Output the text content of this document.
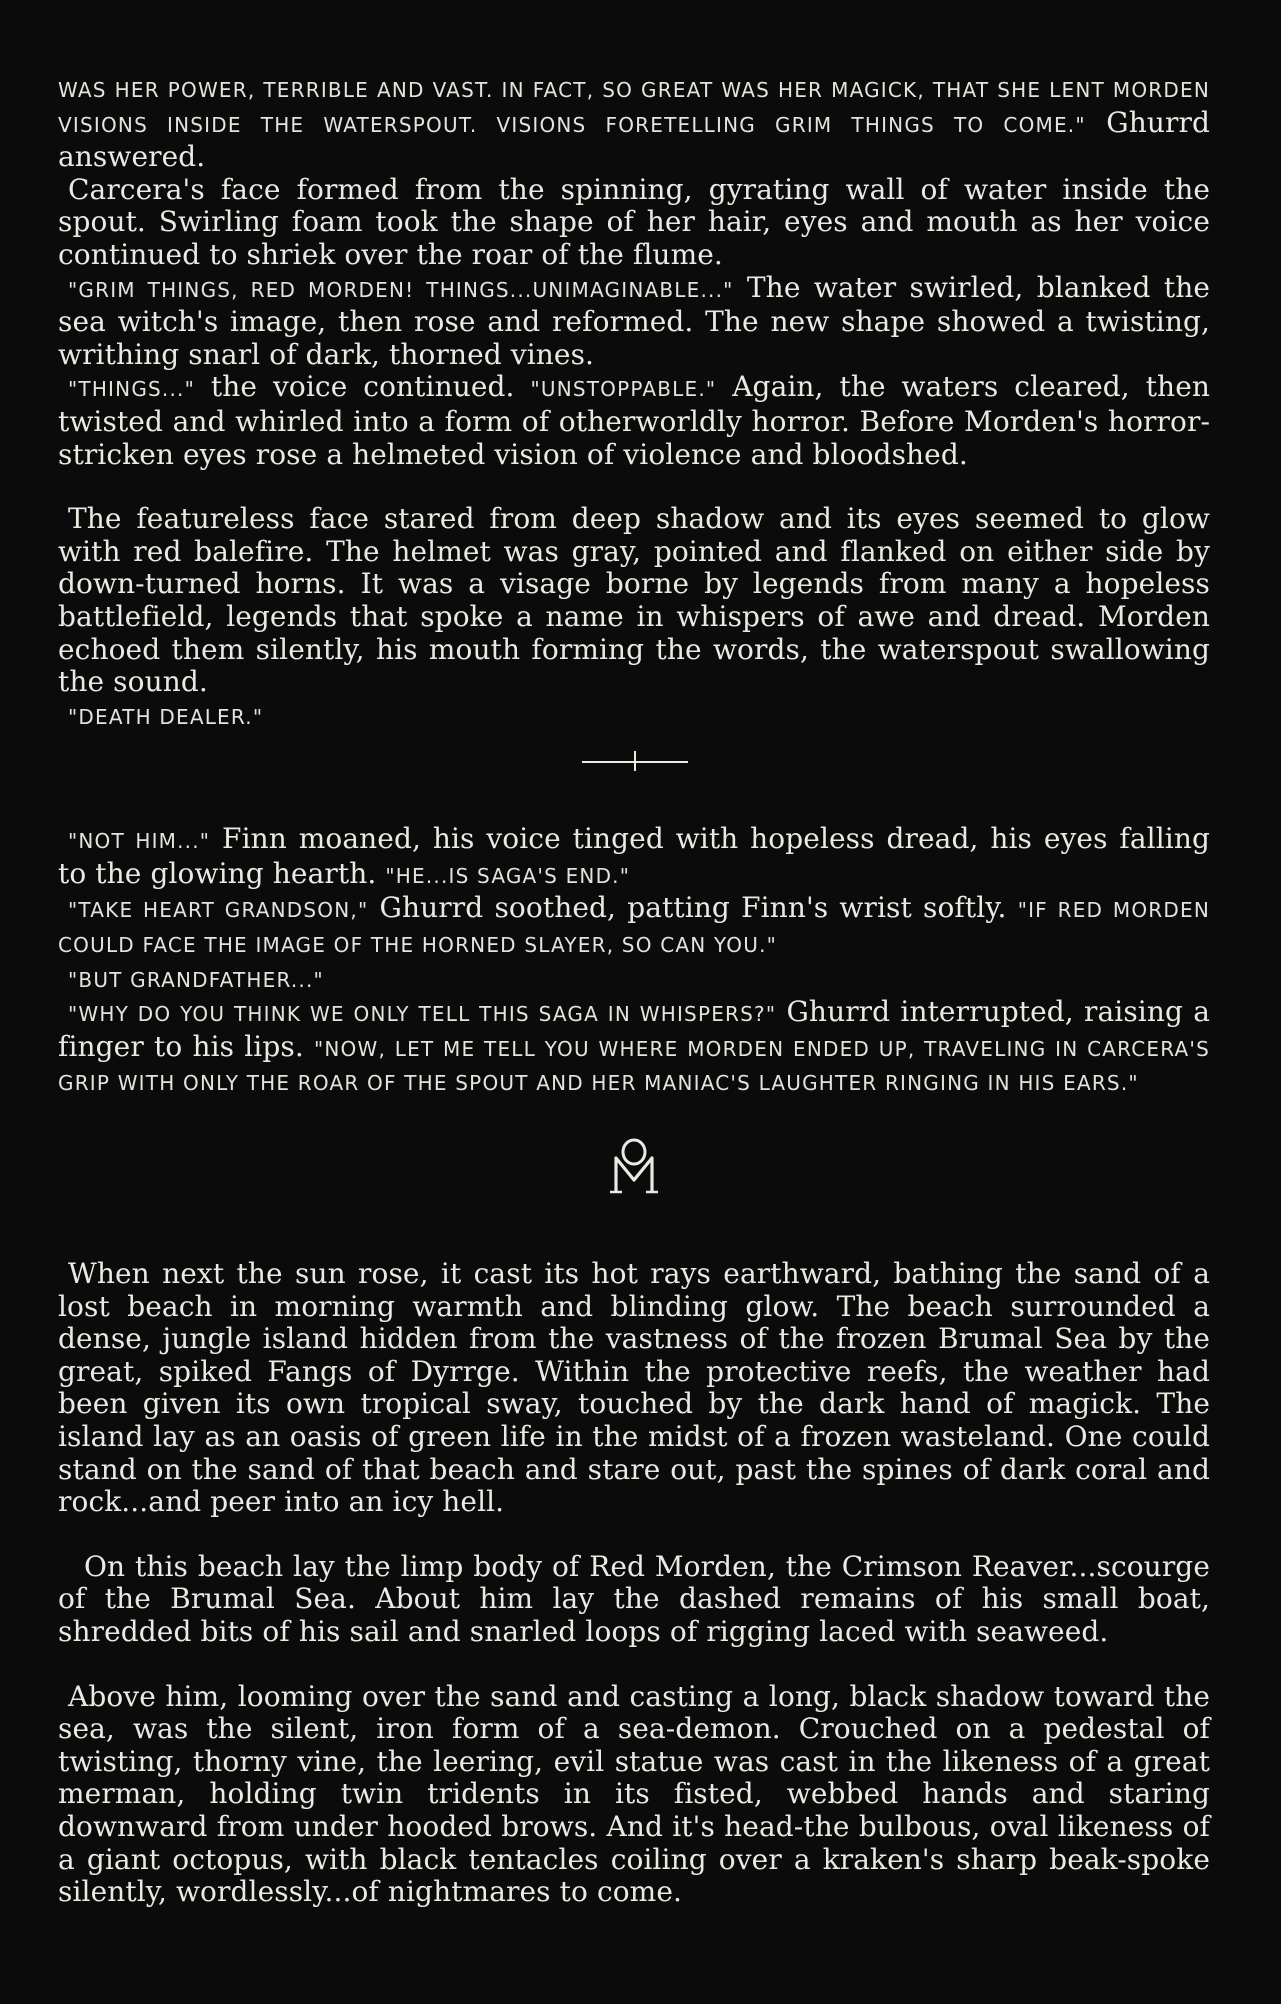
WAS HER POWER, TERRIBLE AND VAST. IN FACT, SO GREAT WAS HER MAGICK, THAT SHE LENT MORDEN VISIONS INSIDE THE WATERSPOUT. VISIONS FORETELLING GRIM THINGS TO COME." Ghurrd answered.

Carcera's face formed from the spinning, gyrating wall of water inside the spout. Swirling foam took the shape of her hair, eyes and mouth as her voice continued to shriek over the roar of the flume.

"GRIM THINGS, RED MORDEN! THINGS...UNIMAGINABLE..." The water swirled, blanked the sea witch's image, then rose and reformed. The new shape showed a twisting, writhing snarl of dark, thorned vines.

"THINGS..." the voice continued. "UNSTOPPABLE." Again, the waters cleared, then twisted and whirled into a form of otherworldly horror. Before Morden's horror-stricken eyes rose a helmeted vision of violence and bloodshed.

The featureless face stared from deep shadow and its eyes seemed to glow with red balefire. The helmet was gray, pointed and flanked on either side by down-turned horns. It was a visage borne by legends from many a hopeless battlefield, legends that spoke a name in whispers of awe and dread. Morden echoed them silently, his mouth forming the words, the waterspout swallowing the sound.

"DEATH DEALER."

"NOT HIM..." Finn moaned, his voice tinged with hopeless dread, his eyes falling to the glowing hearth. "HE...IS SAGA'S END."

"TAKE HEART GRANDSON," Ghurrd soothed, patting Finn's wrist softly. "IF RED MORDEN COULD FACE THE IMAGE OF THE HORNED SLAYER, SO CAN YOU."

"BUT GRANDFATHER..."

"WHY DO YOU THINK WE ONLY TELL THIS SAGA IN WHISPERS?" Ghurrd interrupted, raising a finger to his lips. "NOW, LET ME TELL YOU WHERE MORDEN ENDED UP, TRAVELING IN CARCERA'S GRIP WITH ONLY THE ROAR OF THE SPOUT AND HER MANIAC'S LAUGHTER RINGING IN HIS EARS."

When next the sun rose, it cast its hot rays earthward, bathing the sand of a lost beach in morning warmth and blinding glow. The beach surrounded a dense, jungle island hidden from the vastness of the frozen Brumal Sea by the great, spiked Fangs of Dyrrge. Within the protective reefs, the weather had been given its own tropical sway, touched by the dark hand of magick. The island lay as an oasis of green life in the midst of a frozen wasteland. One could stand on the sand of that beach and stare out, past the spines of dark coral and rock...and peer into an icy hell.

On this beach lay the limp body of Red Morden, the Crimson Reaver...scourge of the Brumal Sea. About him lay the dashed remains of his small boat, shredded bits of his sail and snarled loops of rigging laced with seaweed.

Above him, looming over the sand and casting a long, black shadow toward the sea, was the silent, iron form of a sea-demon. Crouched on a pedestal of twisting, thorny vine, the leering, evil statue was cast in the likeness of a great merman, holding twin tridents in its fisted, webbed hands and staring downward from under hooded brows. And it's head-the bulbous, oval likeness of a giant octopus, with black tentacles coiling over a kraken's sharp beak-spoke silently, wordlessly...of nightmares to come.
